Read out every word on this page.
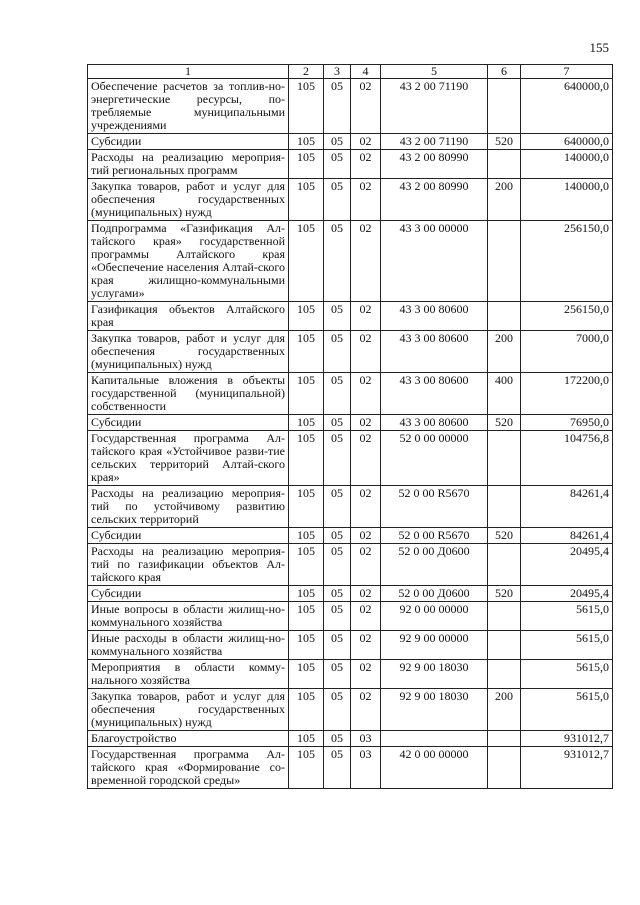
155
1	2	3	4	5	6	7
Обеспечение расчетов за топлив-но-энергетические ресурсы, по-требляемые муниципальными учреждениями	105	05	02	43 2 00 71190		640000,0
Субсидии	105	05	02	43 2 00 71190	520	640000,0
Расходы на реализацию мероприя-тий региональных программ	105	05	02	43 2 00 80990		140000,0
Закупка товаров, работ и услуг для обеспечения государственных (муниципальных) нужд	105	05	02	43 2 00 80990	200	140000,0
Подпрограмма «Газификация Ал-тайского края» государственной программы Алтайского края «Обеспечение населения Алтай-ского края жилищно-коммунальными услугами»	105	05	02	43 3 00 00000		256150,0
Газификация объектов Алтайского края	105	05	02	43 3 00 80600		256150,0
Закупка товаров, работ и услуг для обеспечения государственных (муниципальных) нужд	105	05	02	43 3 00 80600	200	7000,0
Капитальные вложения в объекты государственной (муниципальной) собственности	105	05	02	43 3 00 80600	400	172200,0
Субсидии	105	05	02	43 3 00 80600	520	76950,0
Государственная программа Ал-тайского края «Устойчивое разви-тие сельских территорий Алтай-ского края»	105	05	02	52 0 00 00000		104756,8
Расходы на реализацию мероприя-тий по устойчивому развитию сельских территорий	105	05	02	52 0 00 R5670		84261,4
Субсидии	105	05	02	52 0 00 R5670	520	84261,4
Расходы на реализацию мероприя-тий по газификации объектов Ал-тайского края	105	05	02	52 0 00 Д0600		20495,4
Субсидии	105	05	02	52 0 00 Д0600	520	20495,4
Иные вопросы в области жилищ-но-коммунального хозяйства	105	05	02	92 0 00 00000		5615,0
Иные расходы в области жилищ-но-коммунального хозяйства	105	05	02	92 9 00 00000		5615,0
Мероприятия в области комму-нального хозяйства	105	05	02	92 9 00 18030		5615,0
Закупка товаров, работ и услуг для обеспечения государственных (муниципальных) нужд	105	05	02	92 9 00 18030	200	5615,0
Благоустройство	105	05	03			931012,7
Государственная программа Ал-тайского края «Формирование со-временной городской среды»	105	05	03	42 0 00 00000		931012,7
